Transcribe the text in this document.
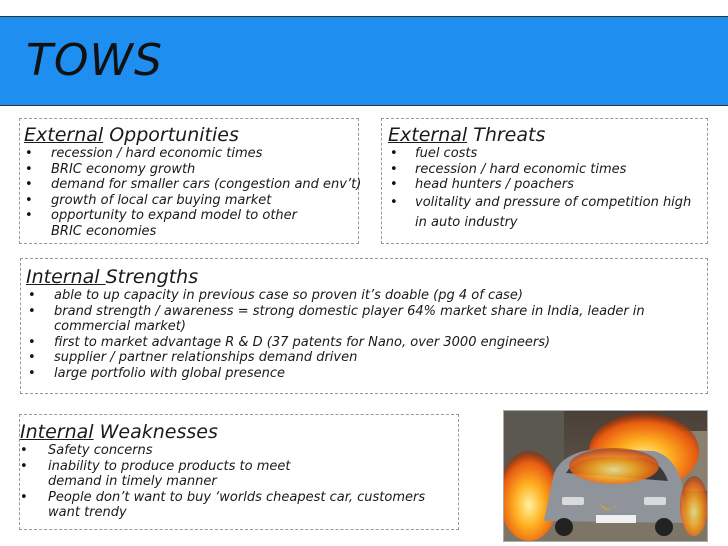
TOWS
External Opportunities
• recession / hard economic times
• BRIC economy growth
• demand for smaller cars (congestion and env’t)
• growth of local car buying market
• opportunity to expand model to other BRIC economies
External Threats
• fuel costs
• recession / hard economic times
• head hunters / poachers
• volitality and pressure of competition high in auto industry
Internal Strengths
• able to up capacity in previous case so proven it’s doable (pg 4 of case)
• brand strength / awareness = strong domestic player 64% market share in India, leader in commercial market)
• first to market advantage R & D (37 patents for Nano, over 3000 engineers)
• supplier / partner relationships demand driven
• large portfolio with global presence
Internal Weaknesses
• Safety concerns
• inability to produce products to meet demand in timely manner
• People don’t want to buy ‘worlds cheapest car, customers want trendy
